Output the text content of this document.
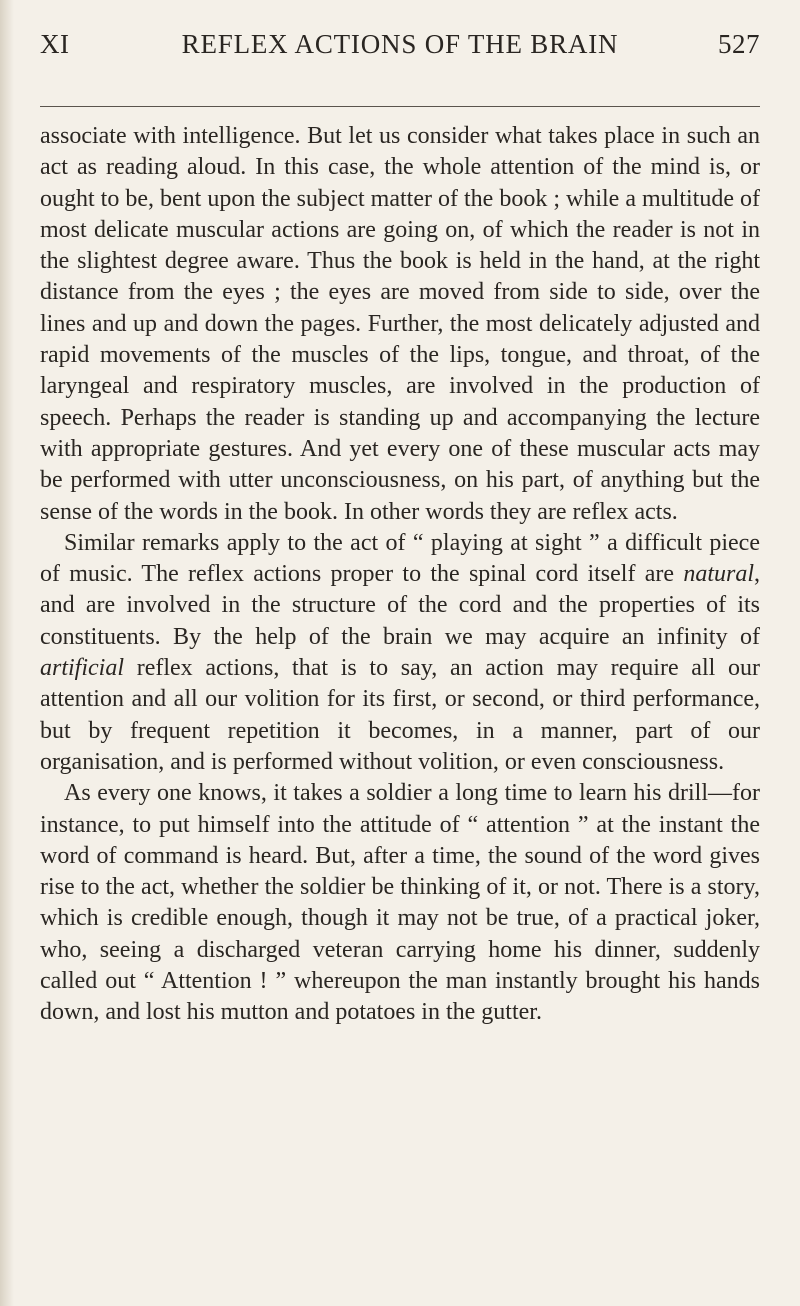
XI	REFLEX ACTIONS OF THE BRAIN	527

associate with intelligence. But let us consider what takes place in such an act as reading aloud. In this case, the whole attention of the mind is, or ought to be, bent upon the subject matter of the book ; while a multitude of most delicate muscular actions are going on, of which the reader is not in the slightest degree aware. Thus the book is held in the hand, at the right distance from the eyes ; the eyes are moved from side to side, over the lines and up and down the pages. Further, the most delicately adjusted and rapid movements of the muscles of the lips, tongue, and throat, of the laryngeal and respiratory muscles, are involved in the production of speech. Perhaps the reader is standing up and accompanying the lecture with appropriate gestures. And yet every one of these muscular acts may be performed with utter unconsciousness, on his part, of anything but the sense of the words in the book. In other words they are reflex acts.

Similar remarks apply to the act of “ playing at sight ” a difficult piece of music. The reflex actions proper to the spinal cord itself are natural, and are involved in the structure of the cord and the properties of its constituents. By the help of the brain we may acquire an infinity of artificial reflex actions, that is to say, an action may require all our attention and all our volition for its first, or second, or third performance, but by frequent repetition it becomes, in a manner, part of our organisation, and is performed without volition, or even consciousness.

As every one knows, it takes a soldier a long time to learn his drill—for instance, to put himself into the attitude of “ attention ” at the instant the word of command is heard. But, after a time, the sound of the word gives rise to the act, whether the soldier be thinking of it, or not. There is a story, which is credible enough, though it may not be true, of a practical joker, who, seeing a discharged veteran carrying home his dinner, suddenly called out “ Attention ! ” whereupon the man instantly brought his hands down, and lost his mutton and potatoes in the gutter.
